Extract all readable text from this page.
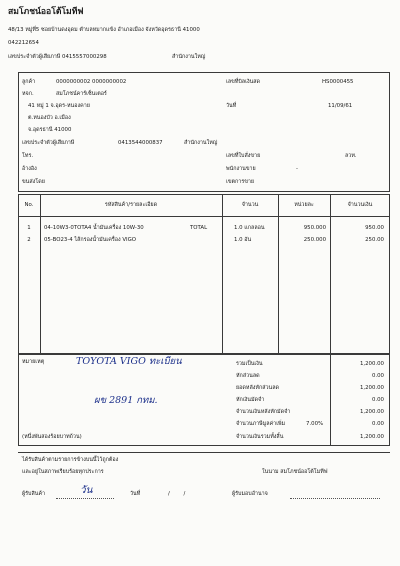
สมโภชน์ออโต้โมทีฟ
48/13 หมู่ที่5 ซอยบ้านดงอุดม ตำบลหมากแข้ง อำเภอเมือง จังหวัดอุดรธานี 41000
042212654
เลขประจำตัวผู้เสียภาษี 0415557000298	สำนักงานใหญ่
ลูกค้า	0000000002 0000000002
หจก.	สมโภชน์คาร์เซ็นเตอร์
41 หมู่ 1 จ.อุดร-หนองคาย
ต.หนองบัว อ.เมือง
จ.อุดรธานี 41000
เลขประจำตัวผู้เสียภาษี	0413544000837	สำนักงานใหญ่
โทร.
อ้างอิง
ขนส่งโดย
เลขที่บิลเงินสด	HS0000455
วันที่	11/09/61
เลขที่ใบสั่งขาย	ลวท.
พนักงานขาย	-
เขตการขาย
No.	รหัสสินค้า/รายละเอียด	จำนวน	หน่วยละ	จำนวนเงิน
1	04-10W3-0TOTA4 น้ำมันเครื่อง 10W-30	TOTAL	1.0 แกลลอน	950.000	950.00
2	05-BO23-4 ไส้กรองน้ำมันเครื่อง VIGO	1.0 อัน	250.000	250.00
หมายเหตุ	TOYOTA VIGO ทะเบียน
ผข 2891 กทม.
(หนึ่งพันสองร้อยบาทถ้วน)
รวมเป็นเงิน	1,200.00
หักส่วนลด	0.00
ยอดหลังหักส่วนลด	1,200.00
หักเงินมัดจำ	0.00
จำนวนเงินหลังหักมัดจำ	1,200.00
จำนวนภาษีมูลค่าเพิ่ม	7.00%	0.00
จำนวนเงินรวมทั้งสิ้น	1,200.00
ได้รับสินค้าตามรายการข้างบนนี้ไว้ถูกต้อง
และอยู่ในสภาพเรียบร้อยทุกประการ	ในนาม สมโภชน์ออโต้โมทีฟ
ผู้รับสินค้า	วัน	วันที่	/ /	ผู้รับมอบอำนาจ
